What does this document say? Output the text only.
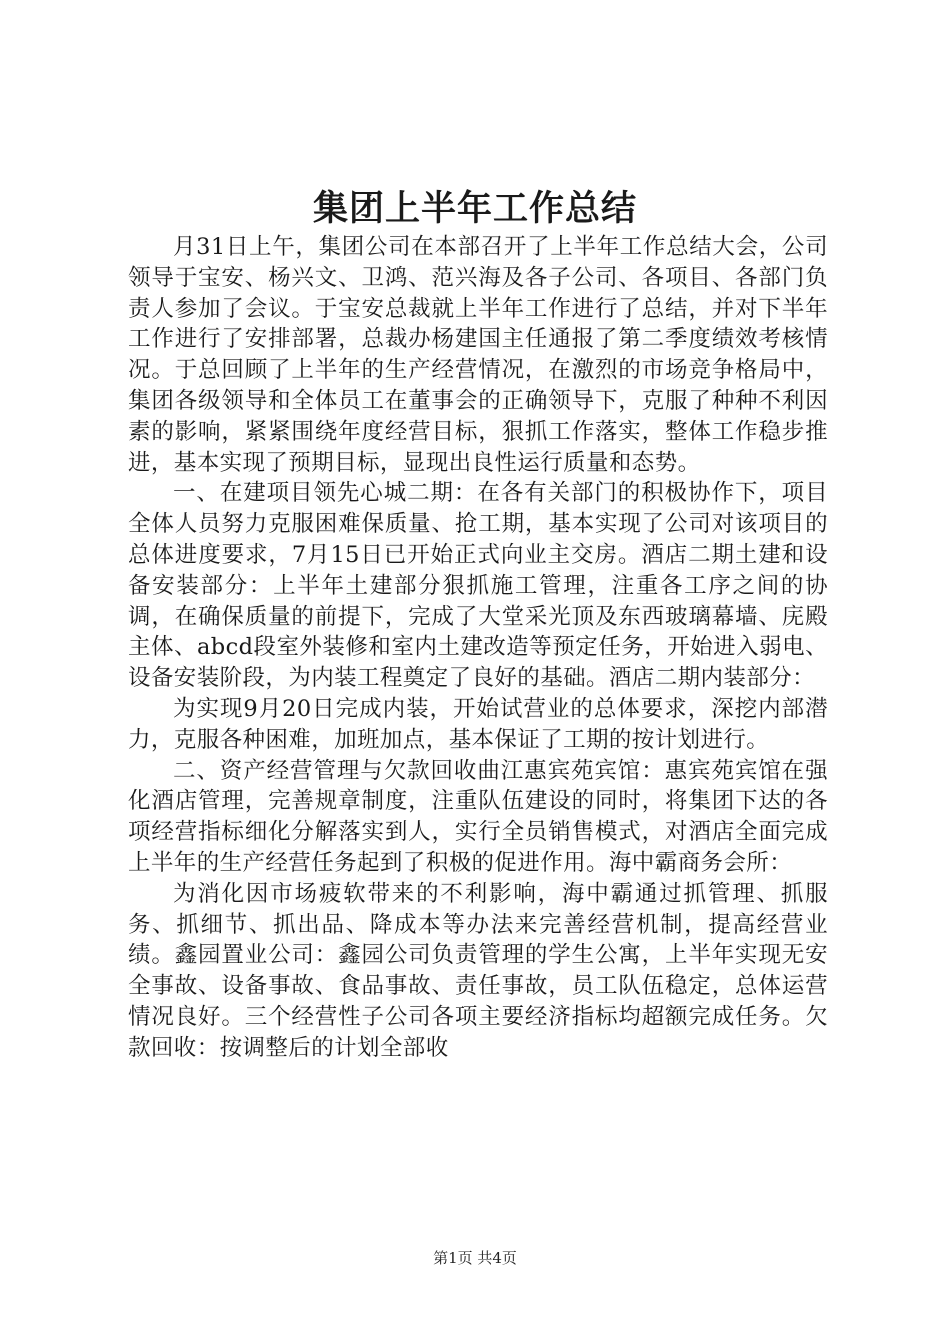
集团上半年工作总结

月31日上午，集团公司在本部召开了上半年工作总结大会，公司领导于宝安、杨兴文、卫鸿、范兴海及各子公司、各项目、各部门负责人参加了会议。于宝安总裁就上半年工作进行了总结，并对下半年工作进行了安排部署，总裁办杨建国主任通报了第二季度绩效考核情况。于总回顾了上半年的生产经营情况，在激烈的市场竞争格局中，集团各级领导和全体员工在董事会的正确领导下，克服了种种不利因素的影响，紧紧围绕年度经营目标，狠抓工作落实，整体工作稳步推进，基本实现了预期目标，显现出良性运行质量和态势。

一、在建项目领先心城二期：在各有关部门的积极协作下，项目全体人员努力克服困难保质量、抢工期，基本实现了公司对该项目的总体进度要求，7月15日已开始正式向业主交房。酒店二期土建和设备安装部分：上半年土建部分狠抓施工管理，注重各工序之间的协调，在确保质量的前提下，完成了大堂采光顶及东西玻璃幕墙、庑殿主体、abcd段室外装修和室内土建改造等预定任务，开始进入弱电、设备安装阶段，为内装工程奠定了良好的基础。酒店二期内装部分：

为实现9月20日完成内装，开始试营业的总体要求，深挖内部潜力，克服各种困难，加班加点，基本保证了工期的按计划进行。

二、资产经营管理与欠款回收曲江惠宾苑宾馆：惠宾苑宾馆在强化酒店管理，完善规章制度，注重队伍建设的同时，将集团下达的各项经营指标细化分解落实到人，实行全员销售模式，对酒店全面完成上半年的生产经营任务起到了积极的促进作用。海中霸商务会所：

为消化因市场疲软带来的不利影响，海中霸通过抓管理、抓服务、抓细节、抓出品、降成本等办法来完善经营机制，提高经营业绩。鑫园置业公司：鑫园公司负责管理的学生公寓，上半年实现无安全事故、设备事故、食品事故、责任事故，员工队伍稳定，总体运营情况良好。三个经营性子公司各项主要经济指标均超额完成任务。欠款回收：按调整后的计划全部收

第1页 共4页
